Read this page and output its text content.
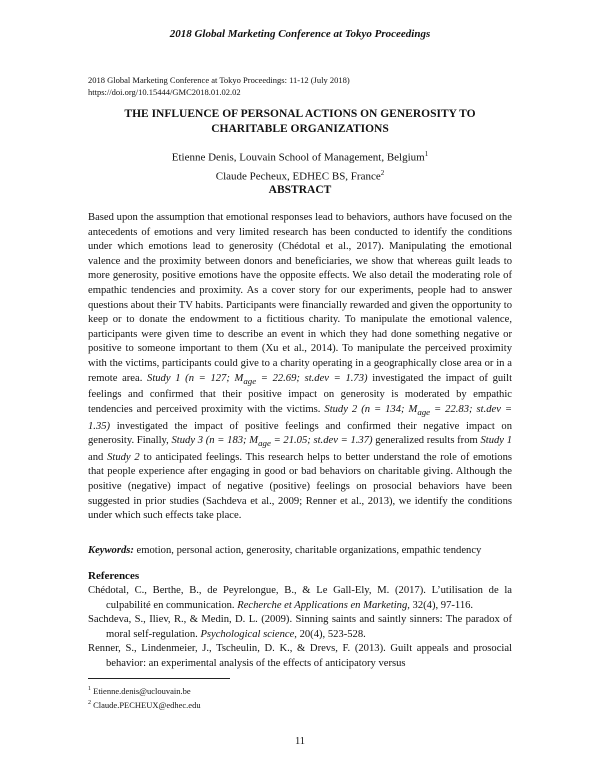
2018 Global Marketing Conference at Tokyo Proceedings
2018 Global Marketing Conference at Tokyo Proceedings: 11-12 (July 2018)
https://doi.org/10.15444/GMC2018.01.02.02
THE INFLUENCE OF PERSONAL ACTIONS ON GENEROSITY TO
CHARITABLE ORGANIZATIONS
Etienne Denis, Louvain School of Management, Belgium$^1$
Claude Pecheux, EDHEC BS, France$^2$
ABSTRACT

Based upon the assumption that emotional responses lead to behaviors, authors have focused on the antecedents of emotions and very limited research has been conducted to identify the conditions under which emotions lead to generosity (Chédotal et al., 2017). Manipulating the emotional valence and the proximity between donors and beneficiaries, we show that whereas guilt leads to more generosity, positive emotions have the opposite effects. We also detail the moderating role of empathic tendencies and proximity. As a cover story for our experiments, people had to answer questions about their TV habits. Participants were financially rewarded and given the opportunity to keep or to donate the endowment to a fictitious charity. To manipulate the emotional valence, participants were given time to describe an event in which they had done something negative or positive to someone important to them (Xu et al., 2014). To manipulate the perceived proximity with the victims, participants could give to a charity operating in a geographically close area or in a remote area. Study 1 (n = 127; $M_{age} = 22.69$; st.dev = 1.73) investigated the impact of guilt feelings and confirmed that their positive impact on generosity is moderated by empathic tendencies and perceived proximity with the victims. Study 2 (n = 134; $M_{age} = 22.83$; st.dev = 1.35) investigated the impact of positive feelings and confirmed their negative impact on generosity. Finally, Study 3 (n = 183; $M_{age} = 21.05$; st.dev = 1.37) generalized results from Study 1 and Study 2 to anticipated feelings. This research helps to better understand the role of emotions that people experience after engaging in good or bad behaviors on charitable giving. Although the positive (negative) impact of negative (positive) feelings on prosocial behaviors have been suggested in prior studies (Sachdeva et al., 2009; Renner et al., 2013), we identify the conditions under which such effects take place.

Keywords: emotion, personal action, generosity, charitable organizations, empathic tendency
References

Chédotal, C., Berthe, B., de Peyrelongue, B., & Le Gall-Ely, M. (2017). L’utilisation de la culpabilité en communication. Recherche et Applications en Marketing, 32(4), 97-116.

Sachdeva, S., Iliev, R., & Medin, D. L. (2009). Sinning saints and saintly sinners: The paradox of moral self-regulation. Psychological science, 20(4), 523-528.

Renner, S., Lindenmeier, J., Tscheulin, D. K., & Drevs, F. (2013). Guilt appeals and prosocial behavior: an experimental analysis of the effects of anticipatory versus

$^1$ Etienne.denis@uclouvain.be
$^2$ Claude.PECHEUX@edhec.edu
11
